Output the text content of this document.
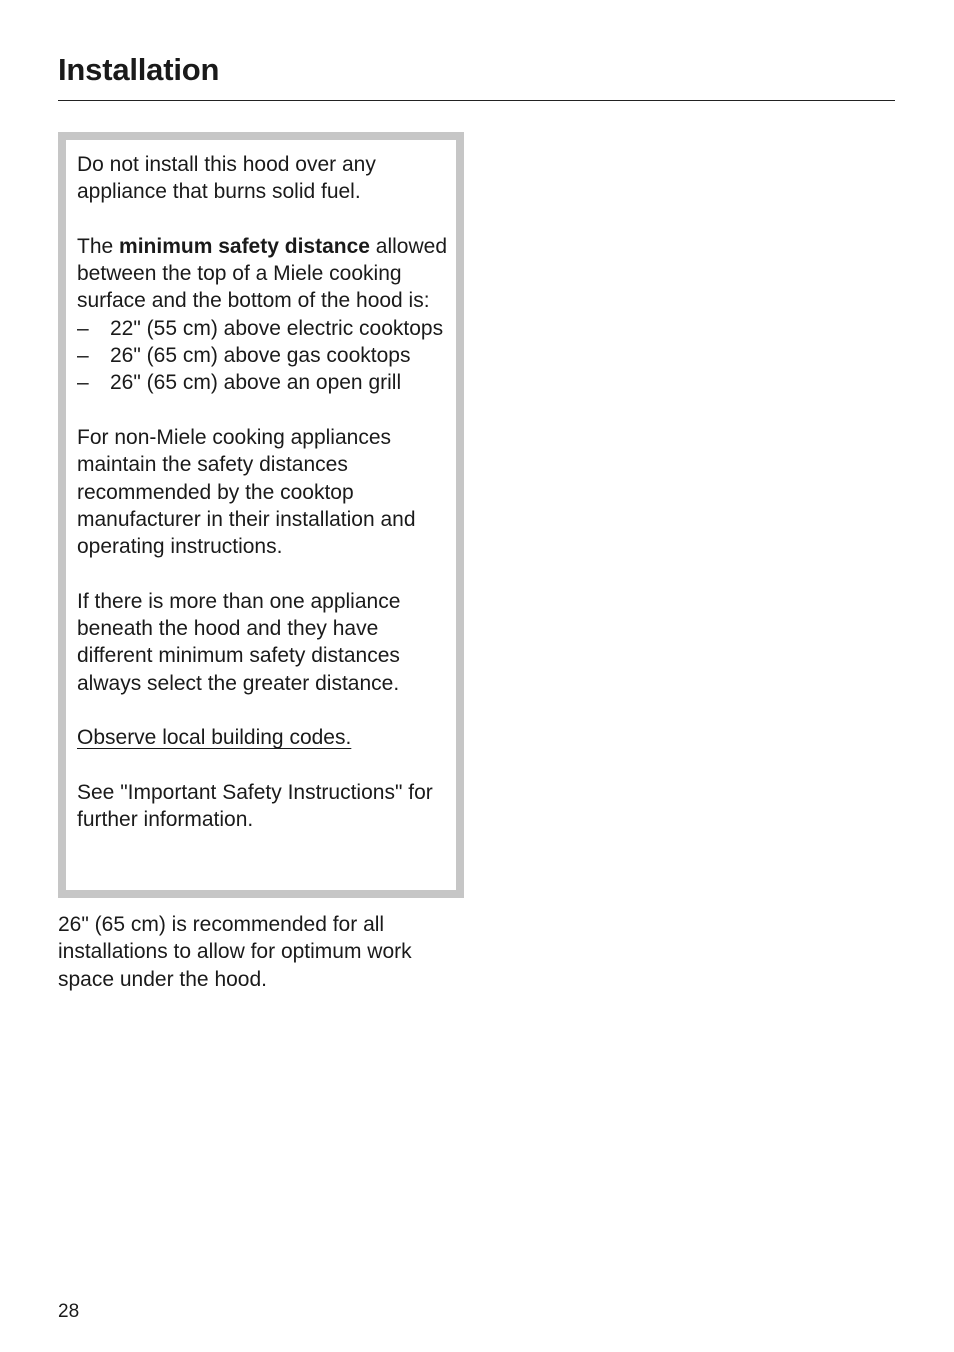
Installation

Do not install this hood over any appliance that burns solid fuel.

The minimum safety distance allowed between the top of a Miele cooking surface and the bottom of the hood is:

– 22" (55 cm) above electric cooktops
– 26" (65 cm) above gas cooktops
– 26" (65 cm) above an open grill

For non-Miele cooking appliances maintain the safety distances recommended by the cooktop manufacturer in their installation and operating instructions.

If there is more than one appliance beneath the hood and they have different minimum safety distances always select the greater distance.

Observe local building codes.

See "Important Safety Instructions" for further information.

26" (65 cm) is recommended for all installations to allow for optimum work space under the hood.

28
